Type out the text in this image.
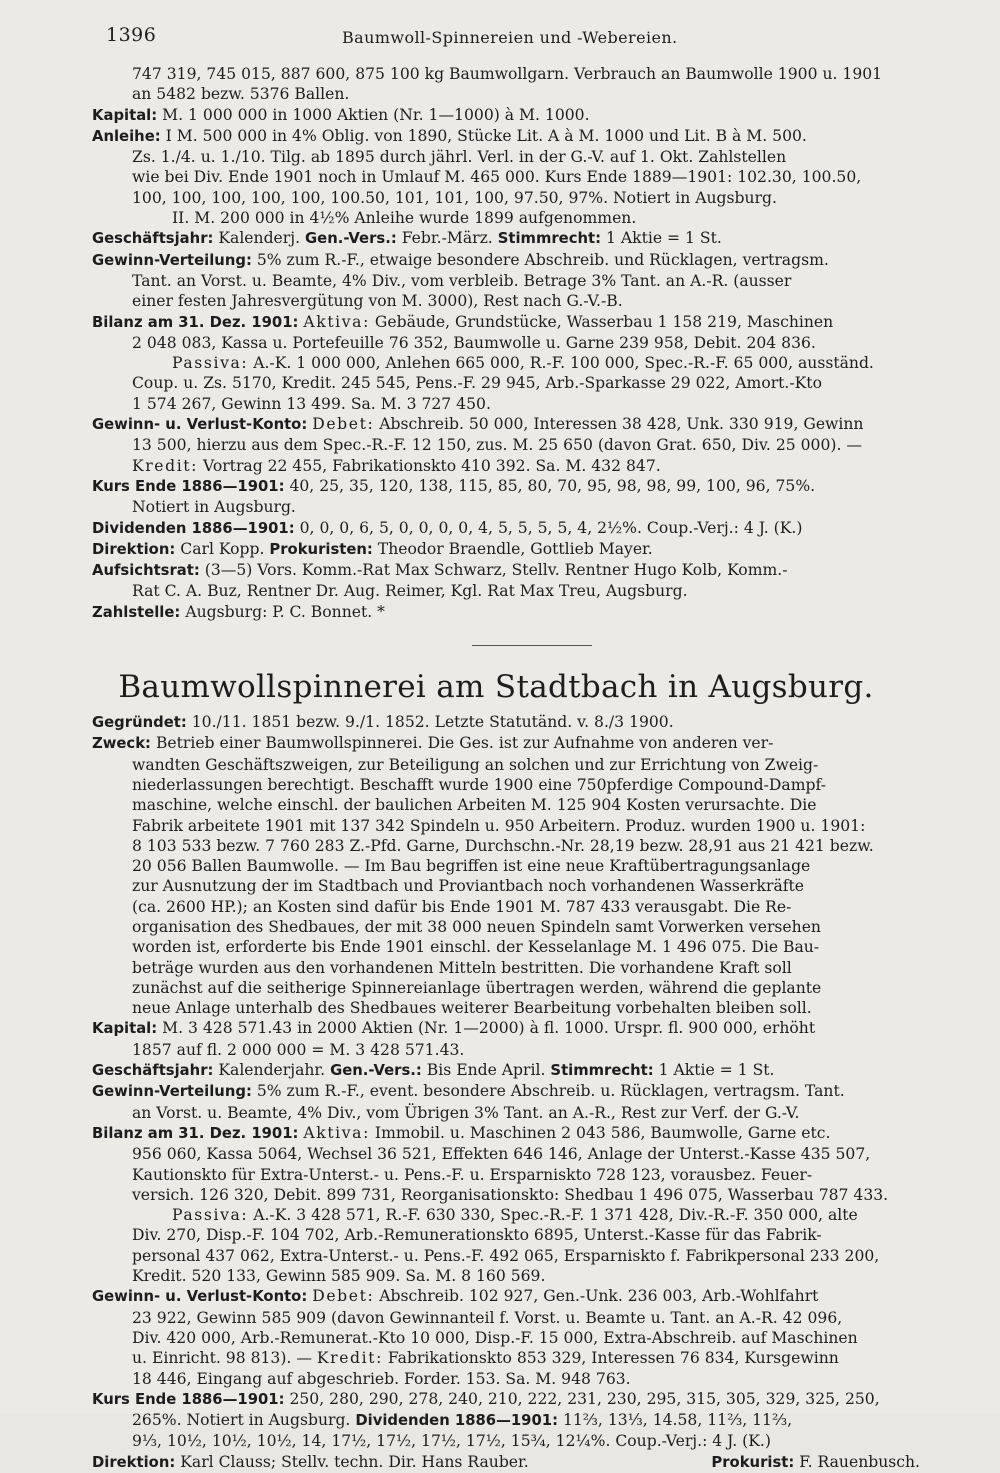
1396	Baumwoll-Spinnereien und -Webereien.
747 319, 745 015, 887 600, 875 100 kg Baumwollgarn. Verbrauch an Baumwolle 1900 u. 1901
an 5482 bezw. 5376 Ballen.
Kapital: M. 1 000 000 in 1000 Aktien (Nr. 1—1000) à M. 1000.
Anleihe: I M. 500 000 in 4% Oblig. von 1890, Stücke Lit. A à M. 1000 und Lit. B à M. 500.
Zs. 1./4. u. 1./10. Tilg. ab 1895 durch jährl. Verl. in der G.-V. auf 1. Okt. Zahlstellen
wie bei Div. Ende 1901 noch in Umlauf M. 465 000. Kurs Ende 1889—1901: 102.30, 100.50,
100, 100, 100, 100, 100, 100.50, 101, 101, 100, 97.50, 97%. Notiert in Augsburg.
II. M. 200 000 in 4½% Anleihe wurde 1899 aufgenommen.
Geschäftsjahr: Kalenderj. Gen.-Vers.: Febr.-März. Stimmrecht: 1 Aktie = 1 St.
Gewinn-Verteilung: 5% zum R.-F., etwaige besondere Abschreib. und Rücklagen, vertragsm.
Tant. an Vorst. u. Beamte, 4% Div., vom verbleib. Betrage 3% Tant. an A.-R. (ausser
einer festen Jahresvergütung von M. 3000), Rest nach G.-V.-B.
Bilanz am 31. Dez. 1901: Aktiva: Gebäude, Grundstücke, Wasserbau 1 158 219, Maschinen
2 048 083, Kassa u. Portefeuille 76 352, Baumwolle u. Garne 239 958, Debit. 204 836.
Passiva: A.-K. 1 000 000, Anlehen 665 000, R.-F. 100 000, Spec.-R.-F. 65 000, ausständ.
Coup. u. Zs. 5170, Kredit. 245 545, Pens.-F. 29 945, Arb.-Sparkasse 29 022, Amort.-Kto
1 574 267, Gewinn 13 499. Sa. M. 3 727 450.
Gewinn- u. Verlust-Konto: Debet: Abschreib. 50 000, Interessen 38 428, Unk. 330 919, Gewinn
13 500, hierzu aus dem Spec.-R.-F. 12 150, zus. M. 25 650 (davon Grat. 650, Div. 25 000). —
Kredit: Vortrag 22 455, Fabrikationskto 410 392. Sa. M. 432 847.
Kurs Ende 1886—1901: 40, 25, 35, 120, 138, 115, 85, 80, 70, 95, 98, 98, 99, 100, 96, 75%.
Notiert in Augsburg.
Dividenden 1886—1901: 0, 0, 0, 6, 5, 0, 0, 0, 0, 4, 5, 5, 5, 5, 4, 2½%. Coup.-Verj.: 4 J. (K.)
Direktion: Carl Kopp. Prokuristen: Theodor Braendle, Gottlieb Mayer.
Aufsichtsrat: (3—5) Vors. Komm.-Rat Max Schwarz, Stellv. Rentner Hugo Kolb, Komm.-
Rat C. A. Buz, Rentner Dr. Aug. Reimer, Kgl. Rat Max Treu, Augsburg.
Zahlstelle: Augsburg: P. C. Bonnet. *
Baumwollspinnerei am Stadtbach in Augsburg.
Gegründet: 10./11. 1851 bezw. 9./1. 1852. Letzte Statutänd. v. 8./3 1900.
Zweck: Betrieb einer Baumwollspinnerei. Die Ges. ist zur Aufnahme von anderen ver-
wandten Geschäftszweigen, zur Beteiligung an solchen und zur Errichtung von Zweig-
niederlassungen berechtigt. Beschafft wurde 1900 eine 750pferdige Compound-Dampf-
maschine, welche einschl. der baulichen Arbeiten M. 125 904 Kosten verursachte. Die
Fabrik arbeitete 1901 mit 137 342 Spindeln u. 950 Arbeitern. Produz. wurden 1900 u. 1901:
8 103 533 bezw. 7 760 283 Z.-Pfd. Garne, Durchschn.-Nr. 28,19 bezw. 28,91 aus 21 421 bezw.
20 056 Ballen Baumwolle. — Im Bau begriffen ist eine neue Kraftübertragungsanlage
zur Ausnutzung der im Stadtbach und Proviantbach noch vorhandenen Wasserkräfte
(ca. 2600 HP.); an Kosten sind dafür bis Ende 1901 M. 787 433 verausgabt. Die Re-
organisation des Shedbaues, der mit 38 000 neuen Spindeln samt Vorwerken versehen
worden ist, erforderte bis Ende 1901 einschl. der Kesselanlage M. 1 496 075. Die Bau-
beträge wurden aus den vorhandenen Mitteln bestritten. Die vorhandene Kraft soll
zunächst auf die seitherige Spinnereianlage übertragen werden, während die geplante
neue Anlage unterhalb des Shedbaues weiterer Bearbeitung vorbehalten bleiben soll.
Kapital: M. 3 428 571.43 in 2000 Aktien (Nr. 1—2000) à fl. 1000. Urspr. fl. 900 000, erhöht
1857 auf fl. 2 000 000 = M. 3 428 571.43.
Geschäftsjahr: Kalenderjahr. Gen.-Vers.: Bis Ende April. Stimmrecht: 1 Aktie = 1 St.
Gewinn-Verteilung: 5% zum R.-F., event. besondere Abschreib. u. Rücklagen, vertragsm. Tant.
an Vorst. u. Beamte, 4% Div., vom Übrigen 3% Tant. an A.-R., Rest zur Verf. der G.-V.
Bilanz am 31. Dez. 1901: Aktiva: Immobil. u. Maschinen 2 043 586, Baumwolle, Garne etc.
956 060, Kassa 5064, Wechsel 36 521, Effekten 646 146, Anlage der Unterst.-Kasse 435 507,
Kautionskto für Extra-Unterst.- u. Pens.-F. u. Ersparniskto 728 123, vorausbez. Feuer-
versich. 126 320, Debit. 899 731, Reorganisationskto: Shedbau 1 496 075, Wasserbau 787 433.
Passiva: A.-K. 3 428 571, R.-F. 630 330, Spec.-R.-F. 1 371 428, Div.-R.-F. 350 000, alte
Div. 270, Disp.-F. 104 702, Arb.-Remunerationskto 6895, Unterst.-Kasse für das Fabrik-
personal 437 062, Extra-Unterst.- u. Pens.-F. 492 065, Ersparniskto f. Fabrikpersonal 233 200,
Kredit. 520 133, Gewinn 585 909. Sa. M. 8 160 569.
Gewinn- u. Verlust-Konto: Debet: Abschreib. 102 927, Gen.-Unk. 236 003, Arb.-Wohlfahrt
23 922, Gewinn 585 909 (davon Gewinnanteil f. Vorst. u. Beamte u. Tant. an A.-R. 42 096,
Div. 420 000, Arb.-Remunerat.-Kto 10 000, Disp.-F. 15 000, Extra-Abschreib. auf Maschinen
u. Einricht. 98 813). — Kredit: Fabrikationskto 853 329, Interessen 76 834, Kursgewinn
18 446, Eingang auf abgeschrieb. Forder. 153. Sa. M. 948 763.
Kurs Ende 1886—1901: 250, 280, 290, 278, 240, 210, 222, 231, 230, 295, 315, 305, 329, 325, 250,
265%. Notiert in Augsburg. Dividenden 1886—1901: 11⅔, 13⅓, 14.58, 11⅔, 11⅔,
9⅓, 10½, 10½, 10½, 14, 17½, 17½, 17½, 17½, 15¾, 12¼%. Coup.-Verj.: 4 J. (K.)
Direktion: Karl Clauss; Stellv. techn. Dir. Hans Rauber.	Prokurist: F. Rauenbusch.
